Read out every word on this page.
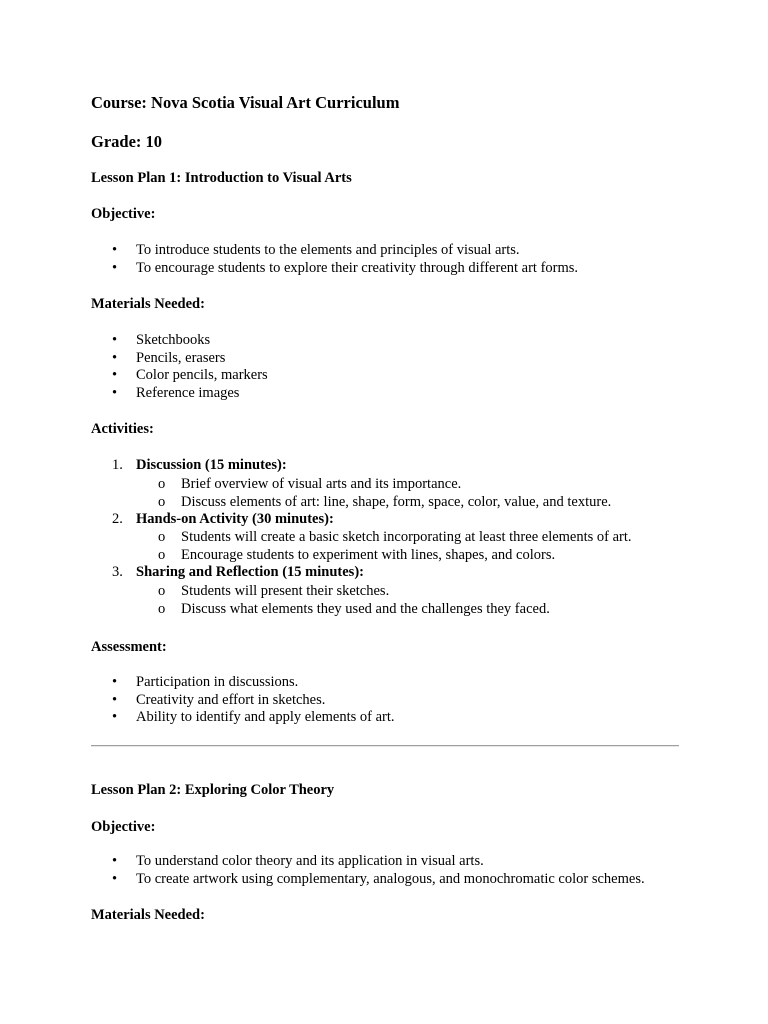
Course: Nova Scotia Visual Art Curriculum
Grade: 10
Lesson Plan 1: Introduction to Visual Arts
Objective:
• To introduce students to the elements and principles of visual arts.
• To encourage students to explore their creativity through different art forms.
Materials Needed:
• Sketchbooks
• Pencils, erasers
• Color pencils, markers
• Reference images
Activities:
1. Discussion (15 minutes):
o Brief overview of visual arts and its importance.
o Discuss elements of art: line, shape, form, space, color, value, and texture.
2. Hands-on Activity (30 minutes):
o Students will create a basic sketch incorporating at least three elements of art.
o Encourage students to experiment with lines, shapes, and colors.
3. Sharing and Reflection (15 minutes):
o Students will present their sketches.
o Discuss what elements they used and the challenges they faced.
Assessment:
• Participation in discussions.
• Creativity and effort in sketches.
• Ability to identify and apply elements of art.
Lesson Plan 2: Exploring Color Theory
Objective:
• To understand color theory and its application in visual arts.
• To create artwork using complementary, analogous, and monochromatic color schemes.
Materials Needed:
